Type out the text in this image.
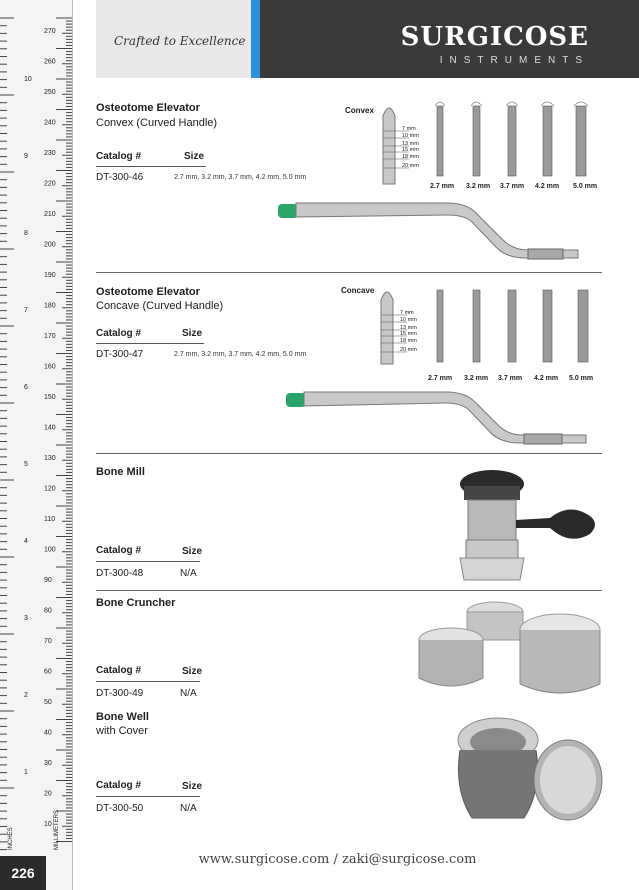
270
260
250
240
230
220
210
200
190
180
170
160
150
140
130
120
110
100
90
80
70
60
50
40
30
20
10
10
9
8
7
6
5
4
3
2
1
INCHES	MILLIMETERS
226
Crafted to Excellence	SURGICOSE
INSTRUMENTS
Osteotome Elevator
Convex (Curved Handle)
Catalog #	Size
DT-300-46	2.7 mm, 3.2 mm, 3.7 mm, 4.2 mm, 5.0 mm
Convex
7 mm
10 mm
13 mm
15 mm
18 mm
20 mm
2.7 mm 3.2 mm 3.7 mm 4.2 mm 5.0 mm
Osteotome Elevator
Concave (Curved Handle)
Catalog #	Size
DT-300-47	2.7 mm, 3.2 mm, 3.7 mm, 4.2 mm, 5.0 mm
Concave
7 mm
10 mm
13 mm
15 mm
18 mm
20 mm
2.7 mm 3.2 mm 3.7 mm 4.2 mm 5.0 mm
Bone Mill
Catalog #	Size
DT-300-48	N/A
Bone Cruncher
Catalog #	Size
DT-300-49	N/A
Bone Well
with Cover
Catalog #	Size
DT-300-50	N/A
www.surgicose.com / zaki@surgicose.com
